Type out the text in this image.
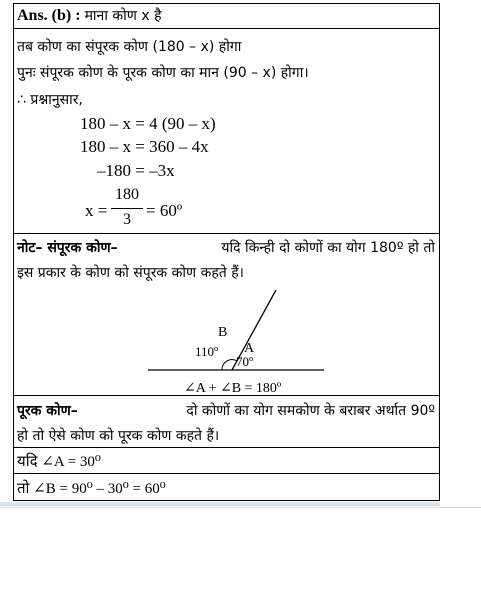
Ans. (b) : माना कोण x है
तब कोण का संपूरक कोण (180 – x) होगा
पुनः संपूरक कोण के पूरक कोण का मान (90 – x) होगा।
∴ प्रश्नानुसार,
180 – x = 4 (90 – x)
180 – x = 360 – 4x
–180 = –3x
x =
180
3 = 60º
नोट– संपूरक कोण–	यदि किन्ही दो कोणों का योग 180º हो तो
इस प्रकार के कोण को संपूरक कोण कहते हैं।
B
110º A
70º
∠A + ∠B = 180º
पूरक कोण–	दो कोणों का योग समकोण के बराबर अर्थात 90º
हो तो ऐसे कोण को पूरक कोण कहते हैं।
यदि ∠A = 30⁰
तो ∠B = 90⁰ – 30⁰ = 60⁰
